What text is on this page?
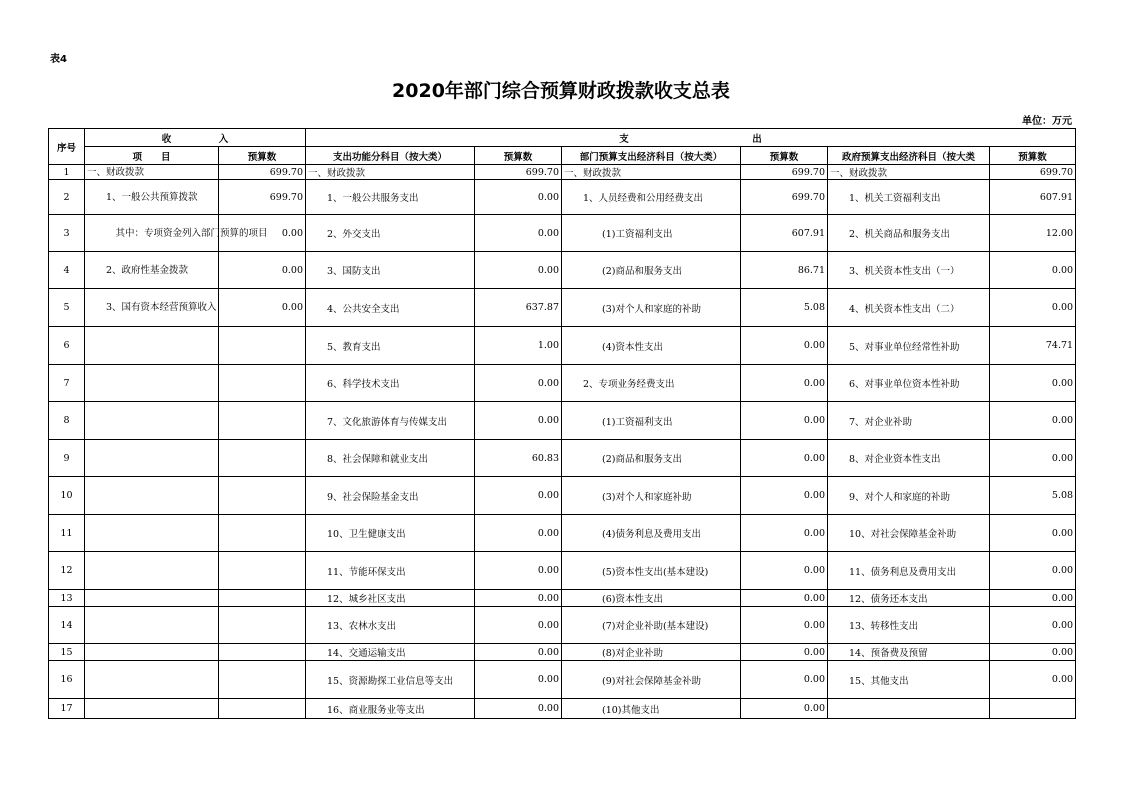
表4
2020年部门综合预算财政拨款收支总表
单位：万元
序号	收　　　　　入		支　　　　　　　　　　　　　出					
	项　　目	预算数	支出功能分科目（按大类）	预算数	部门预算支出经济科目（按大类）	预算数	政府预算支出经济科目（按大类	预算数
1	一、财政拨款	699.70	一、财政拨款	699.70	一、财政拨款	699.70	一、财政拨款	699.70
2	　　1、一般公共预算拨款	699.70	　　1、一般公共服务支出	0.00	　　1、人员经费和公用经费支出	699.70	　　1、机关工资福利支出	607.91
3	　　　其中：专项资金列入部门预算的项目	0.00	　　2、外交支出	0.00	　　　　(1)工资福利支出	607.91	　　2、机关商品和服务支出	12.00
4	　　2、政府性基金拨款	0.00	　　3、国防支出	0.00	　　　　(2)商品和服务支出	86.71	　　3、机关资本性支出（一）	0.00
5	　　3、国有资本经营预算收入	0.00	　　4、公共安全支出	637.87	　　　　(3)对个人和家庭的补助	5.08	　　4、机关资本性支出（二）	0.00
6			　　5、教育支出	1.00	　　　　(4)资本性支出	0.00	　　5、对事业单位经常性补助	74.71
7			　　6、科学技术支出	0.00	　　2、专项业务经费支出	0.00	　　6、对事业单位资本性补助	0.00
8			　　7、文化旅游体育与传媒支出	0.00	　　　　(1)工资福利支出	0.00	　　7、对企业补助	0.00
9			　　8、社会保障和就业支出	60.83	　　　　(2)商品和服务支出	0.00	　　8、对企业资本性支出	0.00
10			　　9、社会保险基金支出	0.00	　　　　(3)对个人和家庭补助	0.00	　　9、对个人和家庭的补助	5.08
11			　　10、卫生健康支出	0.00	　　　　(4)债务利息及费用支出	0.00	　　10、对社会保障基金补助	0.00
12			　　11、节能环保支出	0.00	　　　　(5)资本性支出(基本建设)	0.00	　　11、债务利息及费用支出	0.00
13			　　12、城乡社区支出	0.00	　　　　(6)资本性支出	0.00	　　12、债务还本支出	0.00
14			　　13、农林水支出	0.00	　　　　(7)对企业补助(基本建设)	0.00	　　13、转移性支出	0.00
15			　　14、交通运输支出	0.00	　　　　(8)对企业补助	0.00	　　14、预备费及预留	0.00
16			　　15、资源勘探工业信息等支出	0.00	　　　　(9)对社会保障基金补助	0.00	　　15、其他支出	0.00
17			　　16、商业服务业等支出	0.00	　　　　(10)其他支出	0.00		
